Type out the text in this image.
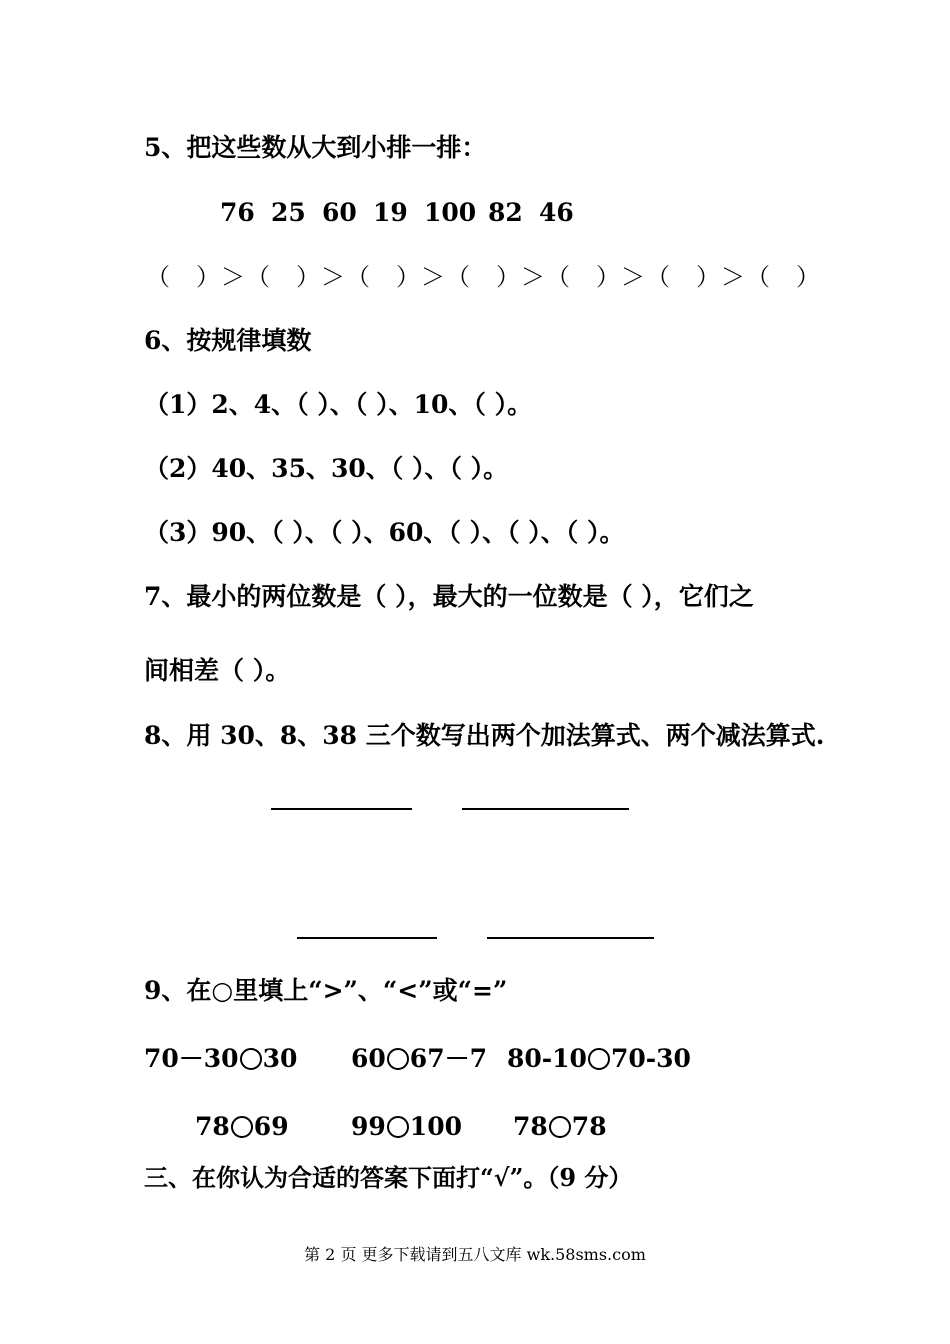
5、把这些数从大到小排一排：
76 25 60 19 100 82 46
（　）＞（　）＞（　）＞（　）＞（　）＞（　）＞（　）
6、按规律填数
（1）2、4、（ ）、（ ）、10、（ ）。
（2）40、35、30、（ ）、（ ）。
（3）90、（ ）、（ ）、60、（ ）、（ ）、（ ）。
7、最小的两位数是（ ），最大的一位数是（ ），它们之
间相差（ ）。
8、用 30、8、38 三个数写出两个加法算式、两个减法算式.
9、在○里填上“>”、“<”或“=”
70－30 30 60 67－7 80-10 70-30
78 69 99 100 78 78
三、在你认为合适的答案下面打“√”。（9 分）
第 2 页 更多下载请到五八文库 wk.58sms.com
